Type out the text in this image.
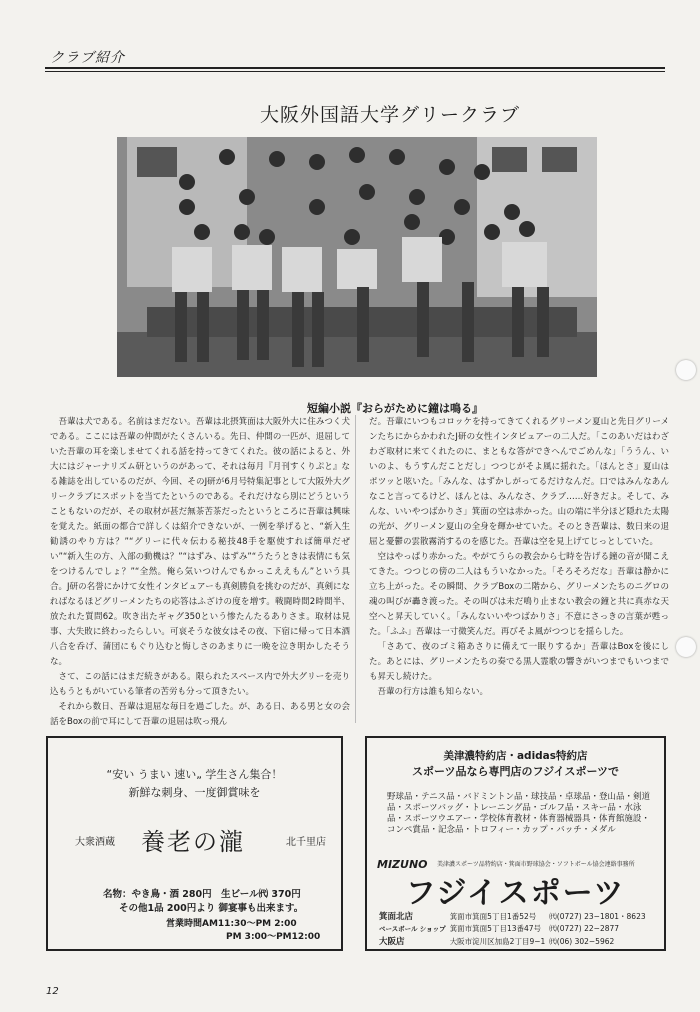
クラブ紹介
大阪外国語大学グリークラブ
短編小説『おらがために鐘は鳴る』

吾輩は犬である。名前はまだない。吾輩は北摂箕面は大阪外大に住みつく犬である。ここには吾輩の仲間がたくさんいる。先日、仲間の一匹が、退屈していた吾輩の耳を楽しませてくれる話を持ってきてくれた。彼の話によると、外大にはジャーナリズム研というのがあって、それは毎月『月刊すくりぷと』なる雑誌を出しているのだが、今回、そのJ研が6月号特集記事として大阪外大グリークラブにスポットを当てたというのである。それだけなら別にどうということもないのだが、その取材が甚だ無茶苦茶だったというところに吾輩は興味を覚えた。紙面の都合で詳しくは紹介できないが、一例を挙げると、“新入生勧誘のやり方は？”“グリーに代々伝わる秘技48手を駆使すれば簡単だぜい”“新入生の方、入部の動機は？”“はずみ、はずみ”“うたうときは表情にも気をつけるんでしょ？”“全然。俺ら気いつけんでもかっこええもん”という具合。J研の名誉にかけて女性インタビュアーも真剣勝負を挑むのだが、真剣になればなるほどグリーメンたちの応答はふざけの度を増す。戦闘時間2時間半、放たれた質問62。吹き出たギャグ350という惨たんたるありさま。取材は見事、大失敗に終わったらしい。可哀そうな彼女はその夜、下宿に帰って日本酒八合を呑げ、蒲団にもぐり込むと悔しさのあまりに一晩を泣き明かしたそうな。

さて、この話にはまだ続きがある。限られたスペース内で外大グリーを売り込もうともがいている筆者の苦労も分って頂きたい。

それから数日、吾輩は退屈な毎日を過ごした。が、ある日、ある男と女の会話をBoxの前で耳にして吾輩の退屈は吹っ飛ん

だ。吾輩にいつもコロッケを持ってきてくれるグリーメン夏山と先日グリーメンたちにからかわれたJ研の女性インタビュアーの二人だ。「このあいだはわざわざ取材に来てくれたのに、まともな答ができへんでごめんな」「ううん、いいのよ、もうすんだことだし」つつじがそよ風に揺れた。「ほんとさ」夏山はポツッと呟いた。「みんな、はずかしがってるだけなんだ。口ではみんなあんなこと言ってるけど、ほんとは、みんなさ、クラブ……好きだよ。そして、みんな、いいやつばかりさ」箕面の空は赤かった。山の端に半分ほど隠れた太陽の光が、グリーメン夏山の全身を輝かせていた。そのとき吾輩は、数日来の退屈と憂鬱の雲散霧消するのを感じた。吾輩は空を見上げてじっとしていた。

空はやっぱり赤かった。やがてうらの教会から七時を告げる鐘の音が聞こえてきた。つつじの傍の二人はもういなかった。「そろそろだな」吾輩は静かに立ち上がった。その瞬間、クラブBoxの二階から、グリーメンたちのニグロの魂の叫びが轟き渡った。その叫びは未だ鳴り止まない教会の鐘と共に真赤な天空へと昇天していく。「みんないいやつばかりさ」不意にさっきの言葉が甦った。「ふふ」吾輩は一寸微笑んだ。再びそよ風がつつじを揺らした。

「さあて、夜のゴミ箱あさりに備えて一眠りするか」吾輩はBoxを後にした。あとには、グリーメンたちの奏でる黒人霊歌の響きがいつまでもいつまでも昇天し続けた。

吾輩の行方は誰も知らない。

“安い うまい 速い„ 学生さん集合！
新鮮な刺身、一度御賞味を
大衆酒蔵 養老の瀧	北千里店
名物：やき鳥・酒 280円　生ビール㈹ 370円
その他1品 200円より 御宴事も出来ます。
営業時間AM11:30〜PM 2:00
PM 3:00〜PM12:00
美津濃特約店・adidas特約店
スポーツ品なら専門店のフジイスポーツで
野球品・テニス品・バドミントン品・球技品・卓球品・登山品・剣道品・スポーツバッグ・トレーニング品・ゴルフ品・スキー品・水泳品・スポーツウエアー・学校体育教材・体育器械器具・体育館施設・コンペ賞品・記念品・トロフィー・カップ・バッチ・メダル
MIZUNO 美津濃スポーツ品特約店・箕面市野球協会・ソフトボール協会連絡事務所
フジイスポーツ
箕面北店	箕面市箕面5丁目1番52号	㈹(0727) 23−1801・8623
ベースボール ショップ	箕面市箕面5丁目13番47号	㈹(0727) 22−2877
大阪店	大阪市淀川区加島2丁目9−1	㈹(06) 302−5962
12
